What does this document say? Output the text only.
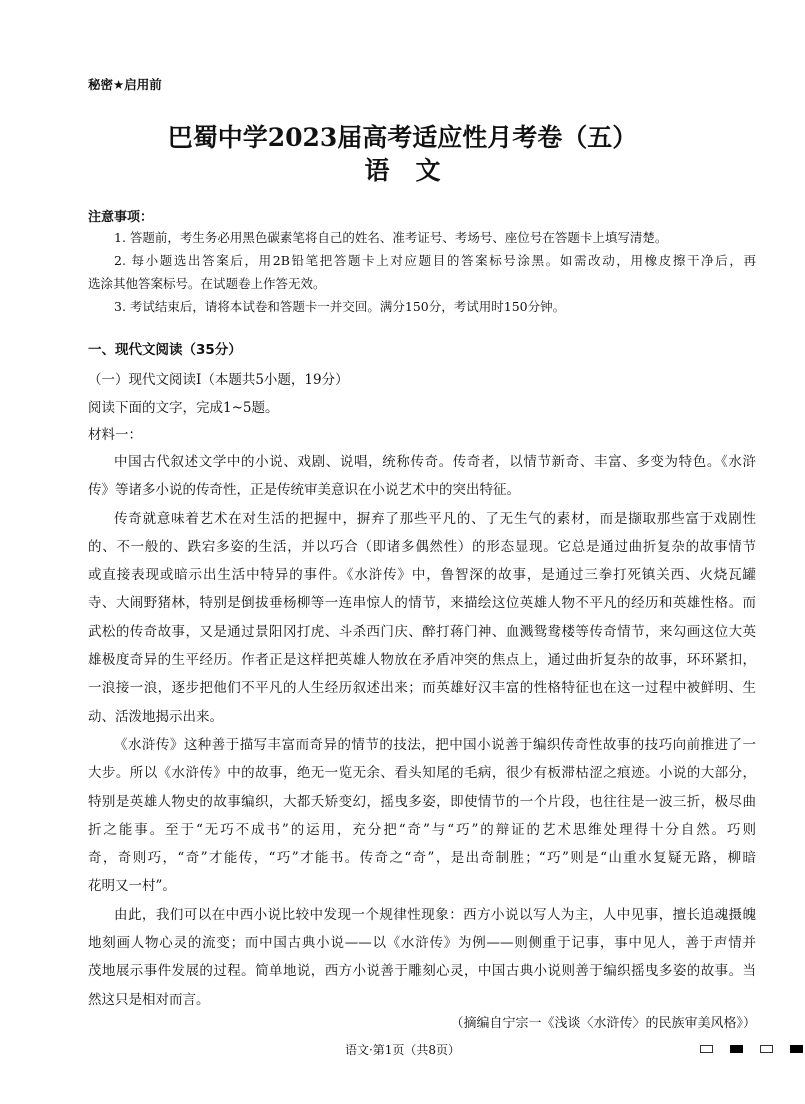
秘密★启用前
巴蜀中学2023届高考适应性月考卷（五）
语文
注意事项：
1. 答题前，考生务必用黑色碳素笔将自己的姓名、准考证号、考场号、座位号在答题卡上填写清楚。
2. 每小题选出答案后，用2B铅笔把答题卡上对应题目的答案标号涂黑。如需改动，用橡皮擦干净后，再
选涂其他答案标号。在试题卷上作答无效。
3. 考试结束后，请将本试卷和答题卡一并交回。满分150分，考试用时150分钟。
一、现代文阅读（35分）
（一）现代文阅读Ⅰ（本题共5小题，19分）
阅读下面的文字，完成1~5题。
材料一：
中国古代叙述文学中的小说、戏剧、说唱，统称传奇。传奇者，以情节新奇、丰富、多变为特色。《水浒
传》等诸多小说的传奇性，正是传统审美意识在小说艺术中的突出特征。
传奇就意味着艺术在对生活的把握中，摒弃了那些平凡的、了无生气的素材，而是撷取那些富于戏剧性
的、不一般的、跌宕多姿的生活，并以巧合（即诸多偶然性）的形态显现。它总是通过曲折复杂的故事情节
或直接表现或暗示出生活中特异的事件。《水浒传》中，鲁智深的故事，是通过三拳打死镇关西、火烧瓦罐
寺、大闹野猪林，特别是倒拔垂杨柳等一连串惊人的情节，来描绘这位英雄人物不平凡的经历和英雄性格。而
武松的传奇故事，又是通过景阳冈打虎、斗杀西门庆、醉打蒋门神、血溅鸳鸯楼等传奇情节，来勾画这位大英
雄极度奇异的生平经历。作者正是这样把英雄人物放在矛盾冲突的焦点上，通过曲折复杂的故事，环环紧扣，
一浪接一浪，逐步把他们不平凡的人生经历叙述出来；而英雄好汉丰富的性格特征也在这一过程中被鲜明、生
动、活泼地揭示出来。
《水浒传》这种善于描写丰富而奇异的情节的技法，把中国小说善于编织传奇性故事的技巧向前推进了一
大步。所以《水浒传》中的故事，绝无一览无余、看头知尾的毛病，很少有板滞枯涩之痕迹。小说的大部分，
特别是英雄人物史的故事编织，大都夭矫变幻，摇曳多姿，即使情节的一个片段，也往往是一波三折，极尽曲
折之能事。至于“无巧不成书”的运用，充分把“奇”与“巧”的辩证的艺术思维处理得十分自然。巧则
奇，奇则巧，“奇”才能传，“巧”才能书。传奇之“奇”，是出奇制胜；“巧”则是“山重水复疑无路，柳暗
花明又一村”。
由此，我们可以在中西小说比较中发现一个规律性现象：西方小说以写人为主，人中见事，擅长追魂摄魄
地刻画人物心灵的流变；而中国古典小说——以《水浒传》为例——则侧重于记事，事中见人，善于声情并
茂地展示事件发展的过程。简单地说，西方小说善于雕刻心灵，中国古典小说则善于编织摇曳多姿的故事。当
然这只是相对而言。
（摘编自宁宗一《浅谈〈水浒传〉的民族审美风格》）
语文·第1页（共8页）
